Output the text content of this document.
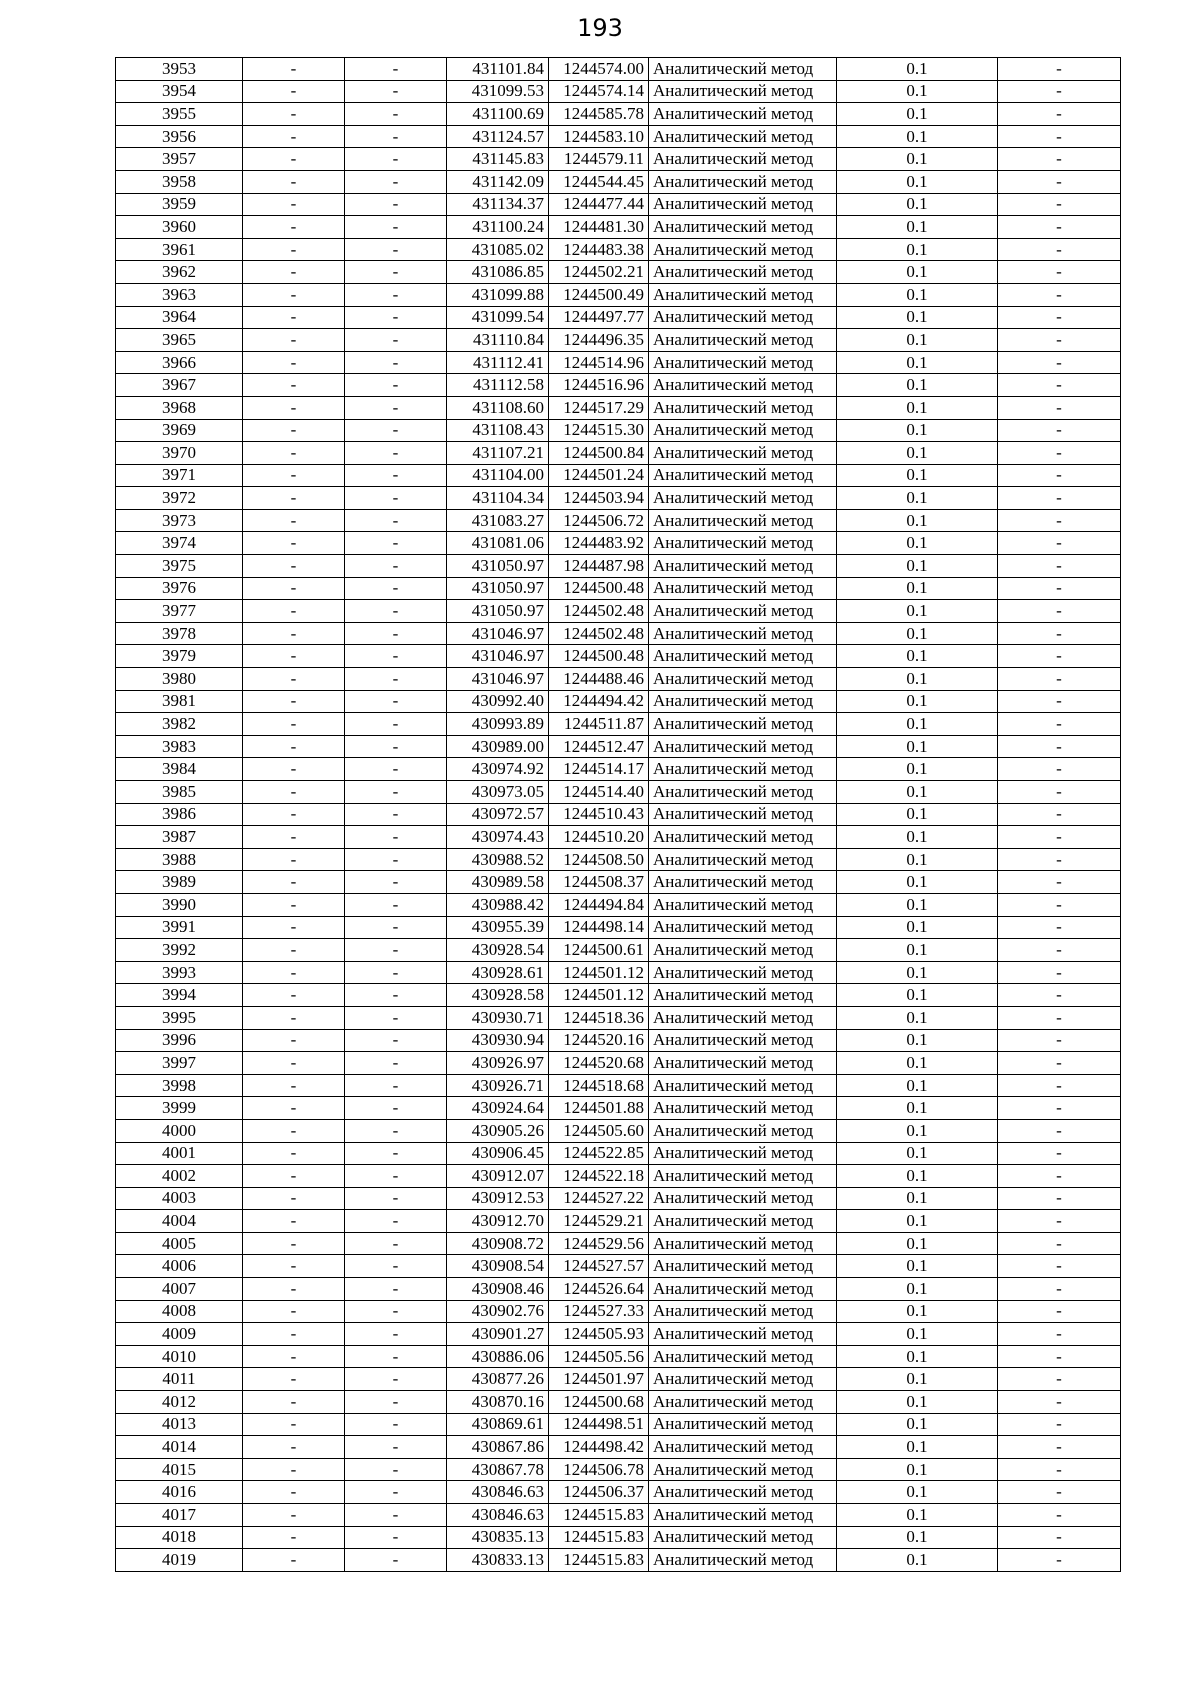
193
3953	-	-	431101.84	1244574.00	Аналитический метод	0.1	-
3954	-	-	431099.53	1244574.14	Аналитический метод	0.1	-
3955	-	-	431100.69	1244585.78	Аналитический метод	0.1	-
3956	-	-	431124.57	1244583.10	Аналитический метод	0.1	-
3957	-	-	431145.83	1244579.11	Аналитический метод	0.1	-
3958	-	-	431142.09	1244544.45	Аналитический метод	0.1	-
3959	-	-	431134.37	1244477.44	Аналитический метод	0.1	-
3960	-	-	431100.24	1244481.30	Аналитический метод	0.1	-
3961	-	-	431085.02	1244483.38	Аналитический метод	0.1	-
3962	-	-	431086.85	1244502.21	Аналитический метод	0.1	-
3963	-	-	431099.88	1244500.49	Аналитический метод	0.1	-
3964	-	-	431099.54	1244497.77	Аналитический метод	0.1	-
3965	-	-	431110.84	1244496.35	Аналитический метод	0.1	-
3966	-	-	431112.41	1244514.96	Аналитический метод	0.1	-
3967	-	-	431112.58	1244516.96	Аналитический метод	0.1	-
3968	-	-	431108.60	1244517.29	Аналитический метод	0.1	-
3969	-	-	431108.43	1244515.30	Аналитический метод	0.1	-
3970	-	-	431107.21	1244500.84	Аналитический метод	0.1	-
3971	-	-	431104.00	1244501.24	Аналитический метод	0.1	-
3972	-	-	431104.34	1244503.94	Аналитический метод	0.1	-
3973	-	-	431083.27	1244506.72	Аналитический метод	0.1	-
3974	-	-	431081.06	1244483.92	Аналитический метод	0.1	-
3975	-	-	431050.97	1244487.98	Аналитический метод	0.1	-
3976	-	-	431050.97	1244500.48	Аналитический метод	0.1	-
3977	-	-	431050.97	1244502.48	Аналитический метод	0.1	-
3978	-	-	431046.97	1244502.48	Аналитический метод	0.1	-
3979	-	-	431046.97	1244500.48	Аналитический метод	0.1	-
3980	-	-	431046.97	1244488.46	Аналитический метод	0.1	-
3981	-	-	430992.40	1244494.42	Аналитический метод	0.1	-
3982	-	-	430993.89	1244511.87	Аналитический метод	0.1	-
3983	-	-	430989.00	1244512.47	Аналитический метод	0.1	-
3984	-	-	430974.92	1244514.17	Аналитический метод	0.1	-
3985	-	-	430973.05	1244514.40	Аналитический метод	0.1	-
3986	-	-	430972.57	1244510.43	Аналитический метод	0.1	-
3987	-	-	430974.43	1244510.20	Аналитический метод	0.1	-
3988	-	-	430988.52	1244508.50	Аналитический метод	0.1	-
3989	-	-	430989.58	1244508.37	Аналитический метод	0.1	-
3990	-	-	430988.42	1244494.84	Аналитический метод	0.1	-
3991	-	-	430955.39	1244498.14	Аналитический метод	0.1	-
3992	-	-	430928.54	1244500.61	Аналитический метод	0.1	-
3993	-	-	430928.61	1244501.12	Аналитический метод	0.1	-
3994	-	-	430928.58	1244501.12	Аналитический метод	0.1	-
3995	-	-	430930.71	1244518.36	Аналитический метод	0.1	-
3996	-	-	430930.94	1244520.16	Аналитический метод	0.1	-
3997	-	-	430926.97	1244520.68	Аналитический метод	0.1	-
3998	-	-	430926.71	1244518.68	Аналитический метод	0.1	-
3999	-	-	430924.64	1244501.88	Аналитический метод	0.1	-
4000	-	-	430905.26	1244505.60	Аналитический метод	0.1	-
4001	-	-	430906.45	1244522.85	Аналитический метод	0.1	-
4002	-	-	430912.07	1244522.18	Аналитический метод	0.1	-
4003	-	-	430912.53	1244527.22	Аналитический метод	0.1	-
4004	-	-	430912.70	1244529.21	Аналитический метод	0.1	-
4005	-	-	430908.72	1244529.56	Аналитический метод	0.1	-
4006	-	-	430908.54	1244527.57	Аналитический метод	0.1	-
4007	-	-	430908.46	1244526.64	Аналитический метод	0.1	-
4008	-	-	430902.76	1244527.33	Аналитический метод	0.1	-
4009	-	-	430901.27	1244505.93	Аналитический метод	0.1	-
4010	-	-	430886.06	1244505.56	Аналитический метод	0.1	-
4011	-	-	430877.26	1244501.97	Аналитический метод	0.1	-
4012	-	-	430870.16	1244500.68	Аналитический метод	0.1	-
4013	-	-	430869.61	1244498.51	Аналитический метод	0.1	-
4014	-	-	430867.86	1244498.42	Аналитический метод	0.1	-
4015	-	-	430867.78	1244506.78	Аналитический метод	0.1	-
4016	-	-	430846.63	1244506.37	Аналитический метод	0.1	-
4017	-	-	430846.63	1244515.83	Аналитический метод	0.1	-
4018	-	-	430835.13	1244515.83	Аналитический метод	0.1	-
4019	-	-	430833.13	1244515.83	Аналитический метод	0.1	-
